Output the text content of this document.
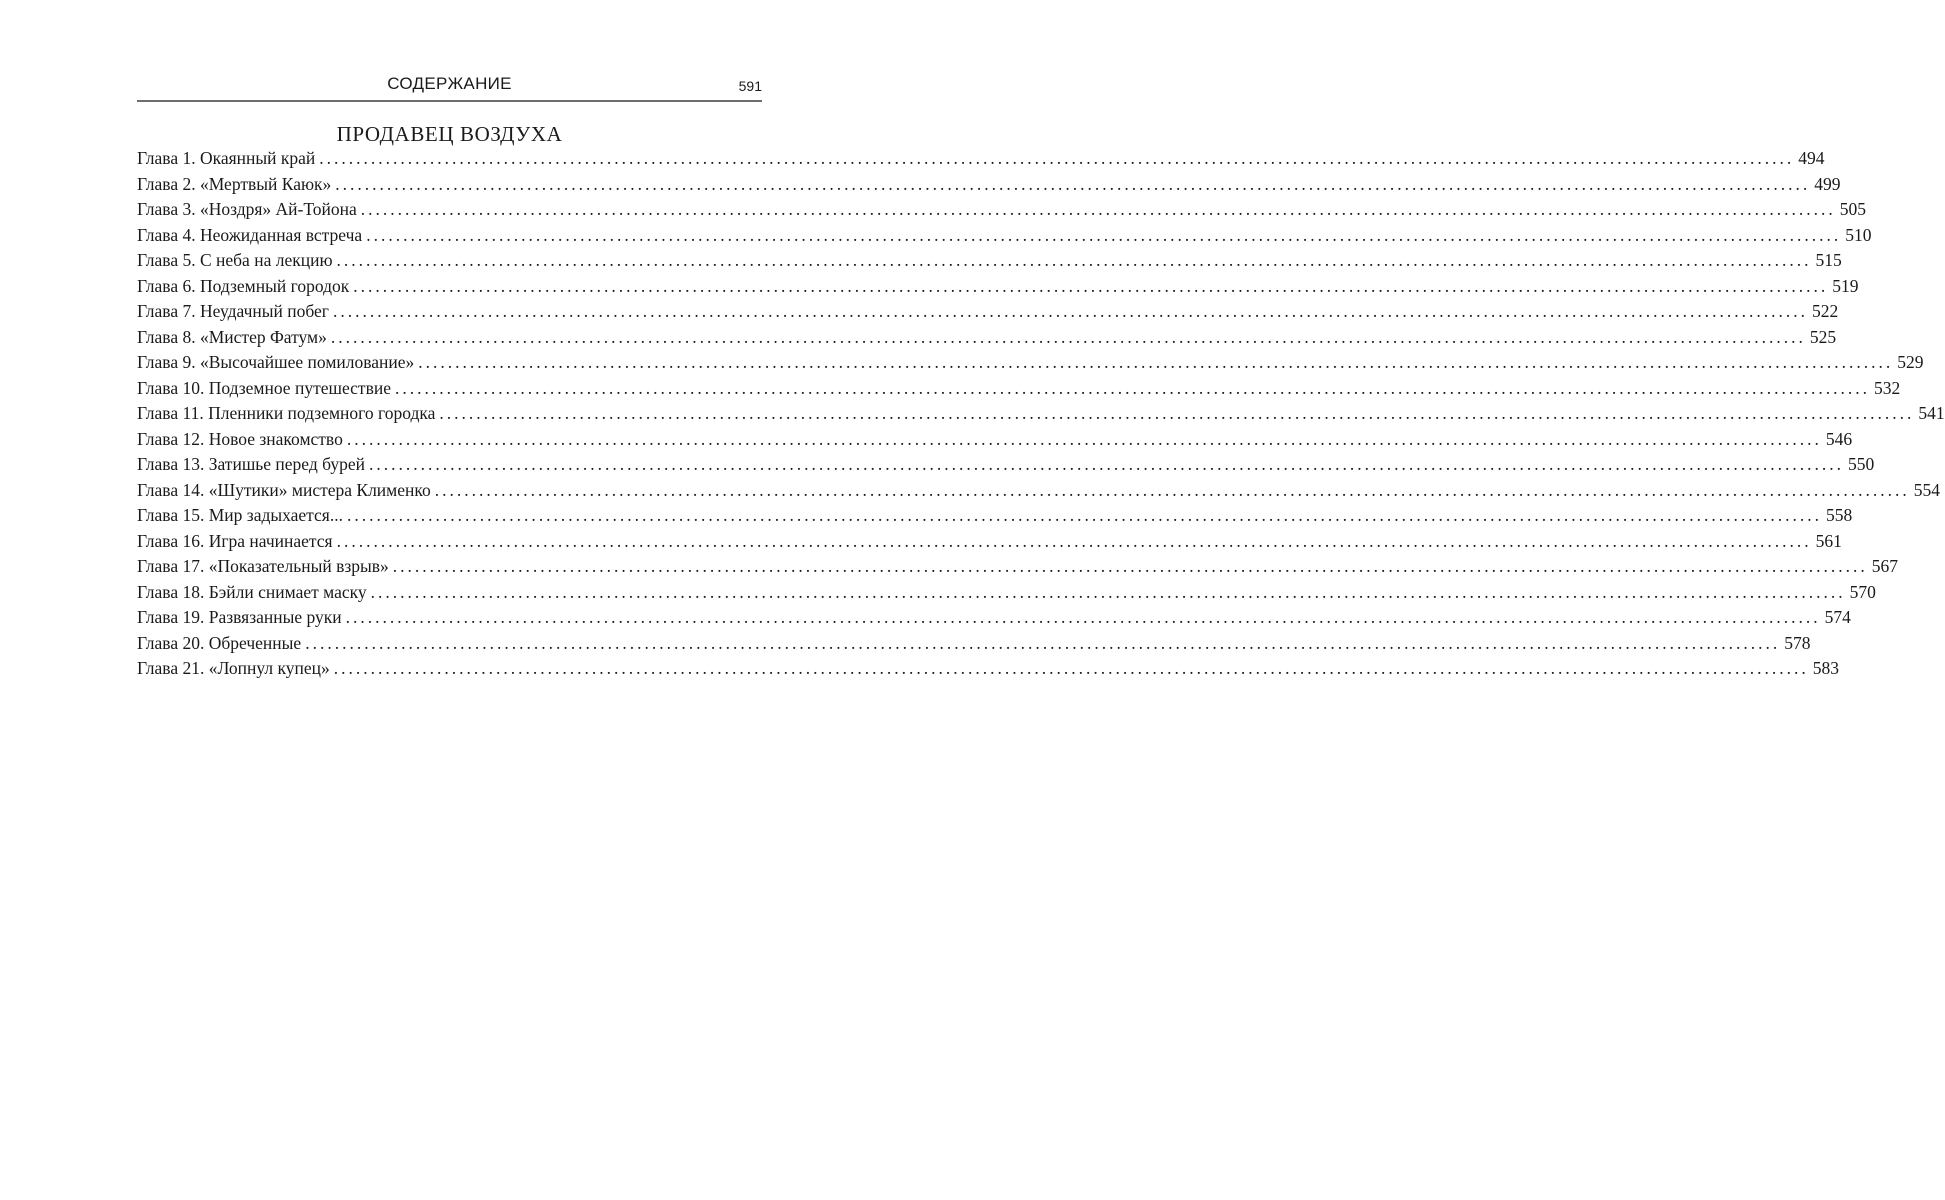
СОДЕРЖАНИЕ	591
ПРОДАВЕЦ ВОЗДУХА
Глава 1. Окаянный край ........................................................................................................................................................................................................ 494
Глава 2. «Мертвый Каюк» ........................................................................................................................................................................................................ 499
Глава 3. «Ноздря» Ай-Тойона ........................................................................................................................................................................................................ 505
Глава 4. Неожиданная встреча ........................................................................................................................................................................................................ 510
Глава 5. С неба на лекцию ........................................................................................................................................................................................................ 515
Глава 6. Подземный городок ........................................................................................................................................................................................................ 519
Глава 7. Неудачный побег ........................................................................................................................................................................................................ 522
Глава 8. «Мистер Фатум» ........................................................................................................................................................................................................ 525
Глава 9. «Высочайшее помилование» ........................................................................................................................................................................................................ 529
Глава 10. Подземное путешествие ........................................................................................................................................................................................................ 532
Глава 11. Пленники подземного городка ........................................................................................................................................................................................................ 541
Глава 12. Новое знакомство ........................................................................................................................................................................................................ 546
Глава 13. Затишье перед бурей ........................................................................................................................................................................................................ 550
Глава 14. «Шутики» мистера Клименко ........................................................................................................................................................................................................ 554
Глава 15. Мир задыхается... ........................................................................................................................................................................................................ 558
Глава 16. Игра начинается ........................................................................................................................................................................................................ 561
Глава 17. «Показательный взрыв» ........................................................................................................................................................................................................ 567
Глава 18. Бэйли снимает маску ........................................................................................................................................................................................................ 570
Глава 19. Развязанные руки ........................................................................................................................................................................................................ 574
Глава 20. Обреченные ........................................................................................................................................................................................................ 578
Глава 21. «Лопнул купец» ........................................................................................................................................................................................................ 583
